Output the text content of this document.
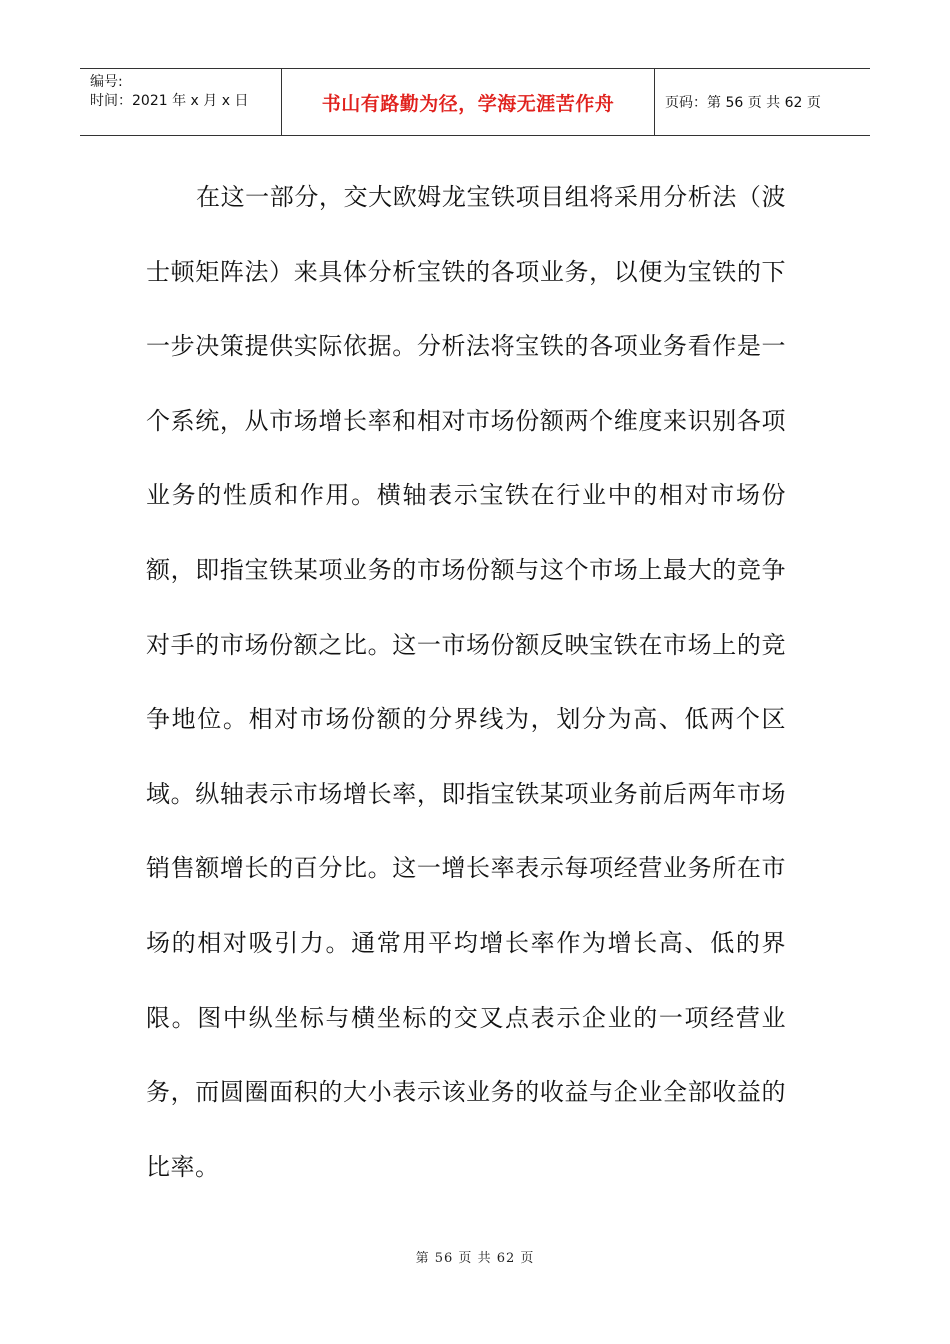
编号:
时间：2021 年 x 月 x 日	书山有路勤为径，学海无涯苦作舟	页码：第 56 页 共 62 页

在这一部分，交大欧姆龙宝铁项目组将采用分析法（波士顿矩阵法）来具体分析宝铁的各项业务，以便为宝铁的下一步决策提供实际依据。分析法将宝铁的各项业务看作是一个系统，从市场增长率和相对市场份额两个维度来识别各项业务的性质和作用。横轴表示宝铁在行业中的相对市场份额，即指宝铁某项业务的市场份额与这个市场上最大的竞争对手的市场份额之比。这一市场份额反映宝铁在市场上的竞争地位。相对市场份额的分界线为，划分为高、低两个区域。纵轴表示市场增长率，即指宝铁某项业务前后两年市场销售额增长的百分比。这一增长率表示每项经营业务所在市场的相对吸引力。通常用平均增长率作为增长高、低的界限。图中纵坐标与横坐标的交叉点表示企业的一项经营业务，而圆圈面积的大小表示该业务的收益与企业全部收益的比率。

第 56 页 共 62 页
